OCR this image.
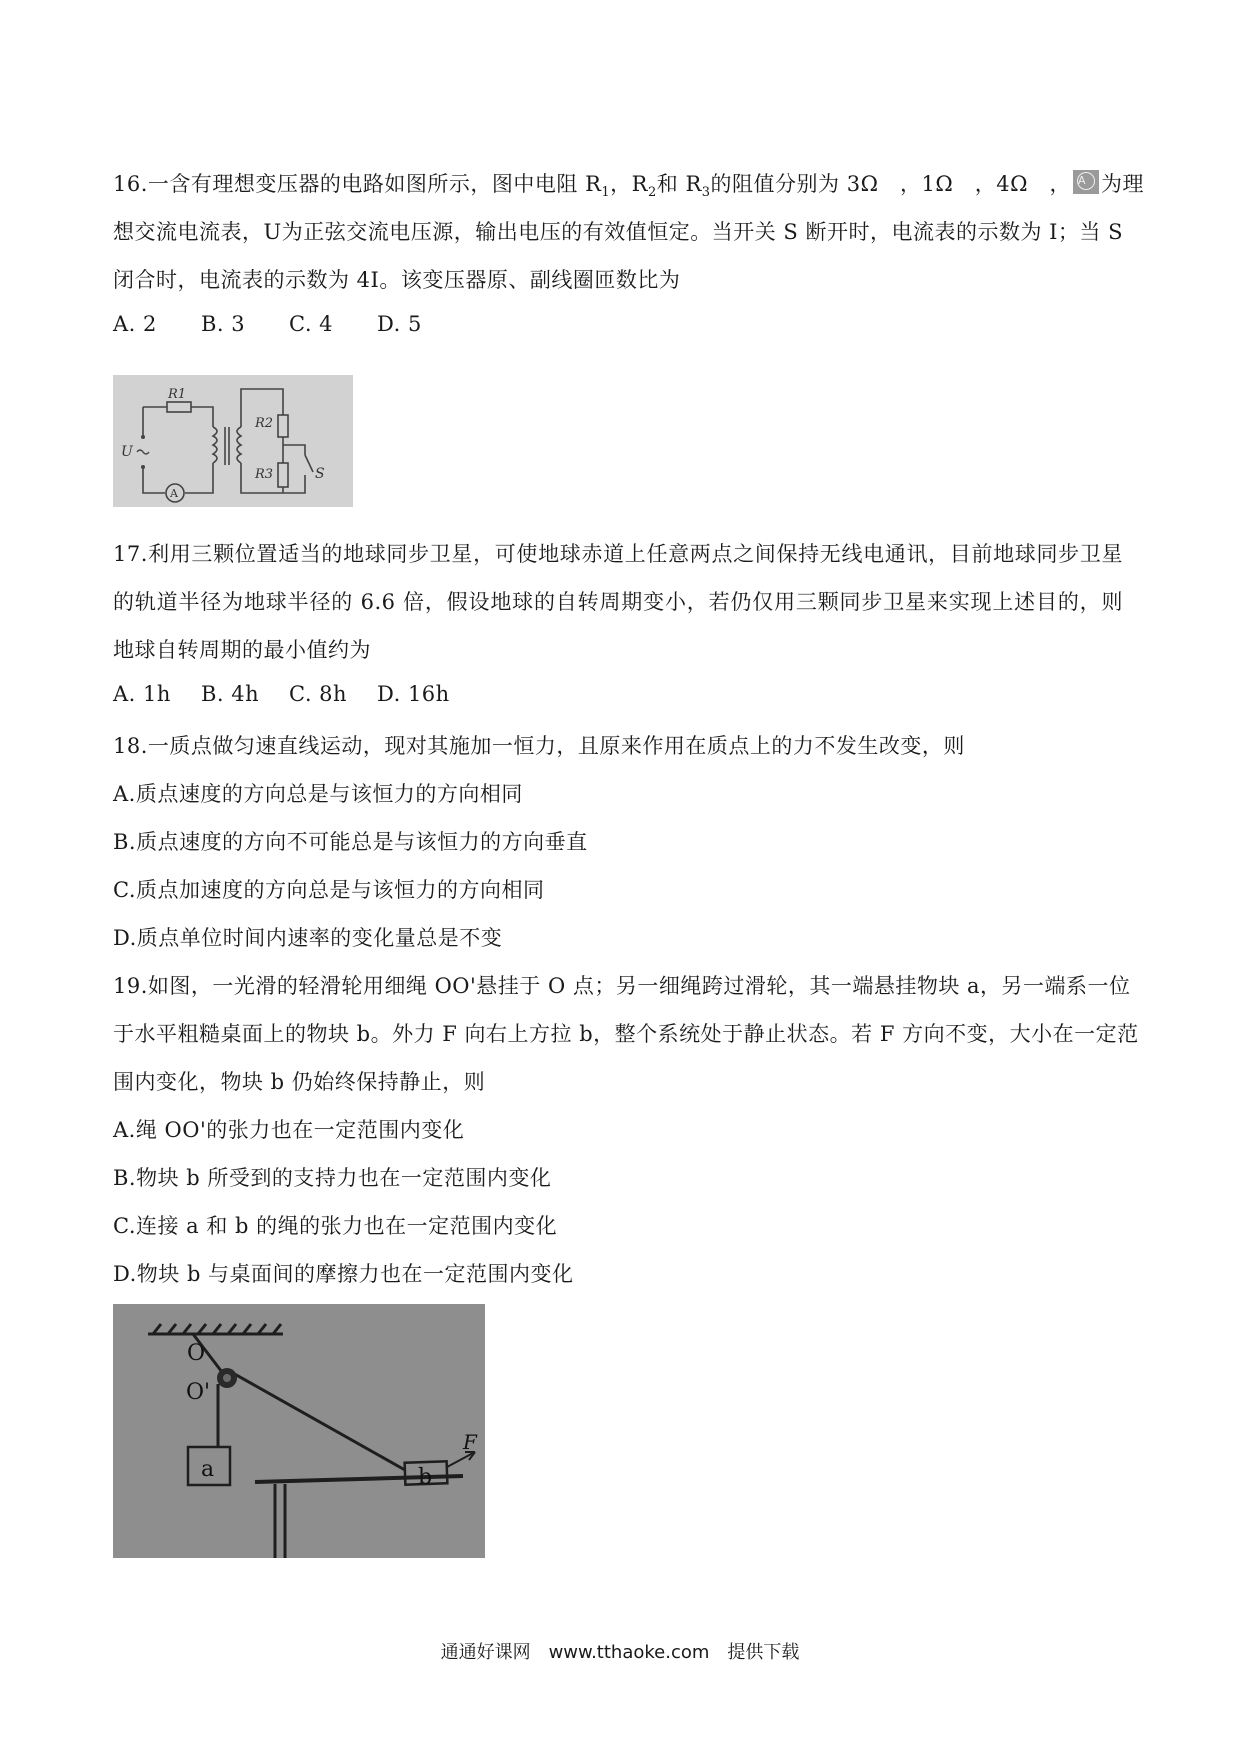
16.一含有理想变压器的电路如图所示，图中电阻 $R_1$，$R_2$和 $R_3$的阻值分别为 3Ω　，1Ω　，4Ω　，A 为理
想交流电流表，U为正弦交流电压源，输出电压的有效值恒定。当开关 S 断开时，电流表的示数为 I；当 S
闭合时，电流表的示数为 4I。该变压器原、副线圈匝数比为
A. 2 B. 3 C. 4 D. 5
R1
R2
R3
U
S
A
17.利用三颗位置适当的地球同步卫星，可使地球赤道上任意两点之间保持无线电通讯，目前地球同步卫星
的轨道半径为地球半径的 6.6 倍，假设地球的自转周期变小，若仍仅用三颗同步卫星来实现上述目的，则
地球自转周期的最小值约为
A. 1h B. 4h C. 8h D. 16h
18.一质点做匀速直线运动，现对其施加一恒力，且原来作用在质点上的力不发生改变，则
A.质点速度的方向总是与该恒力的方向相同
B.质点速度的方向不可能总是与该恒力的方向垂直
C.质点加速度的方向总是与该恒力的方向相同
D.质点单位时间内速率的变化量总是不变
19.如图，一光滑的轻滑轮用细绳 OO'悬挂于 O 点；另一细绳跨过滑轮，其一端悬挂物块 a，另一端系一位
于水平粗糙桌面上的物块 b。外力 F 向右上方拉 b，整个系统处于静止状态。若 F 方向不变，大小在一定范
围内变化，物块 b 仍始终保持静止，则
A.绳 OO'的张力也在一定范围内变化
B.物块 b 所受到的支持力也在一定范围内变化
C.连接 a 和 b 的绳的张力也在一定范围内变化
D.物块 b 与桌面间的摩擦力也在一定范围内变化
O
O'
a	b
F
通通好课网　www.tthaoke.com　提供下载
